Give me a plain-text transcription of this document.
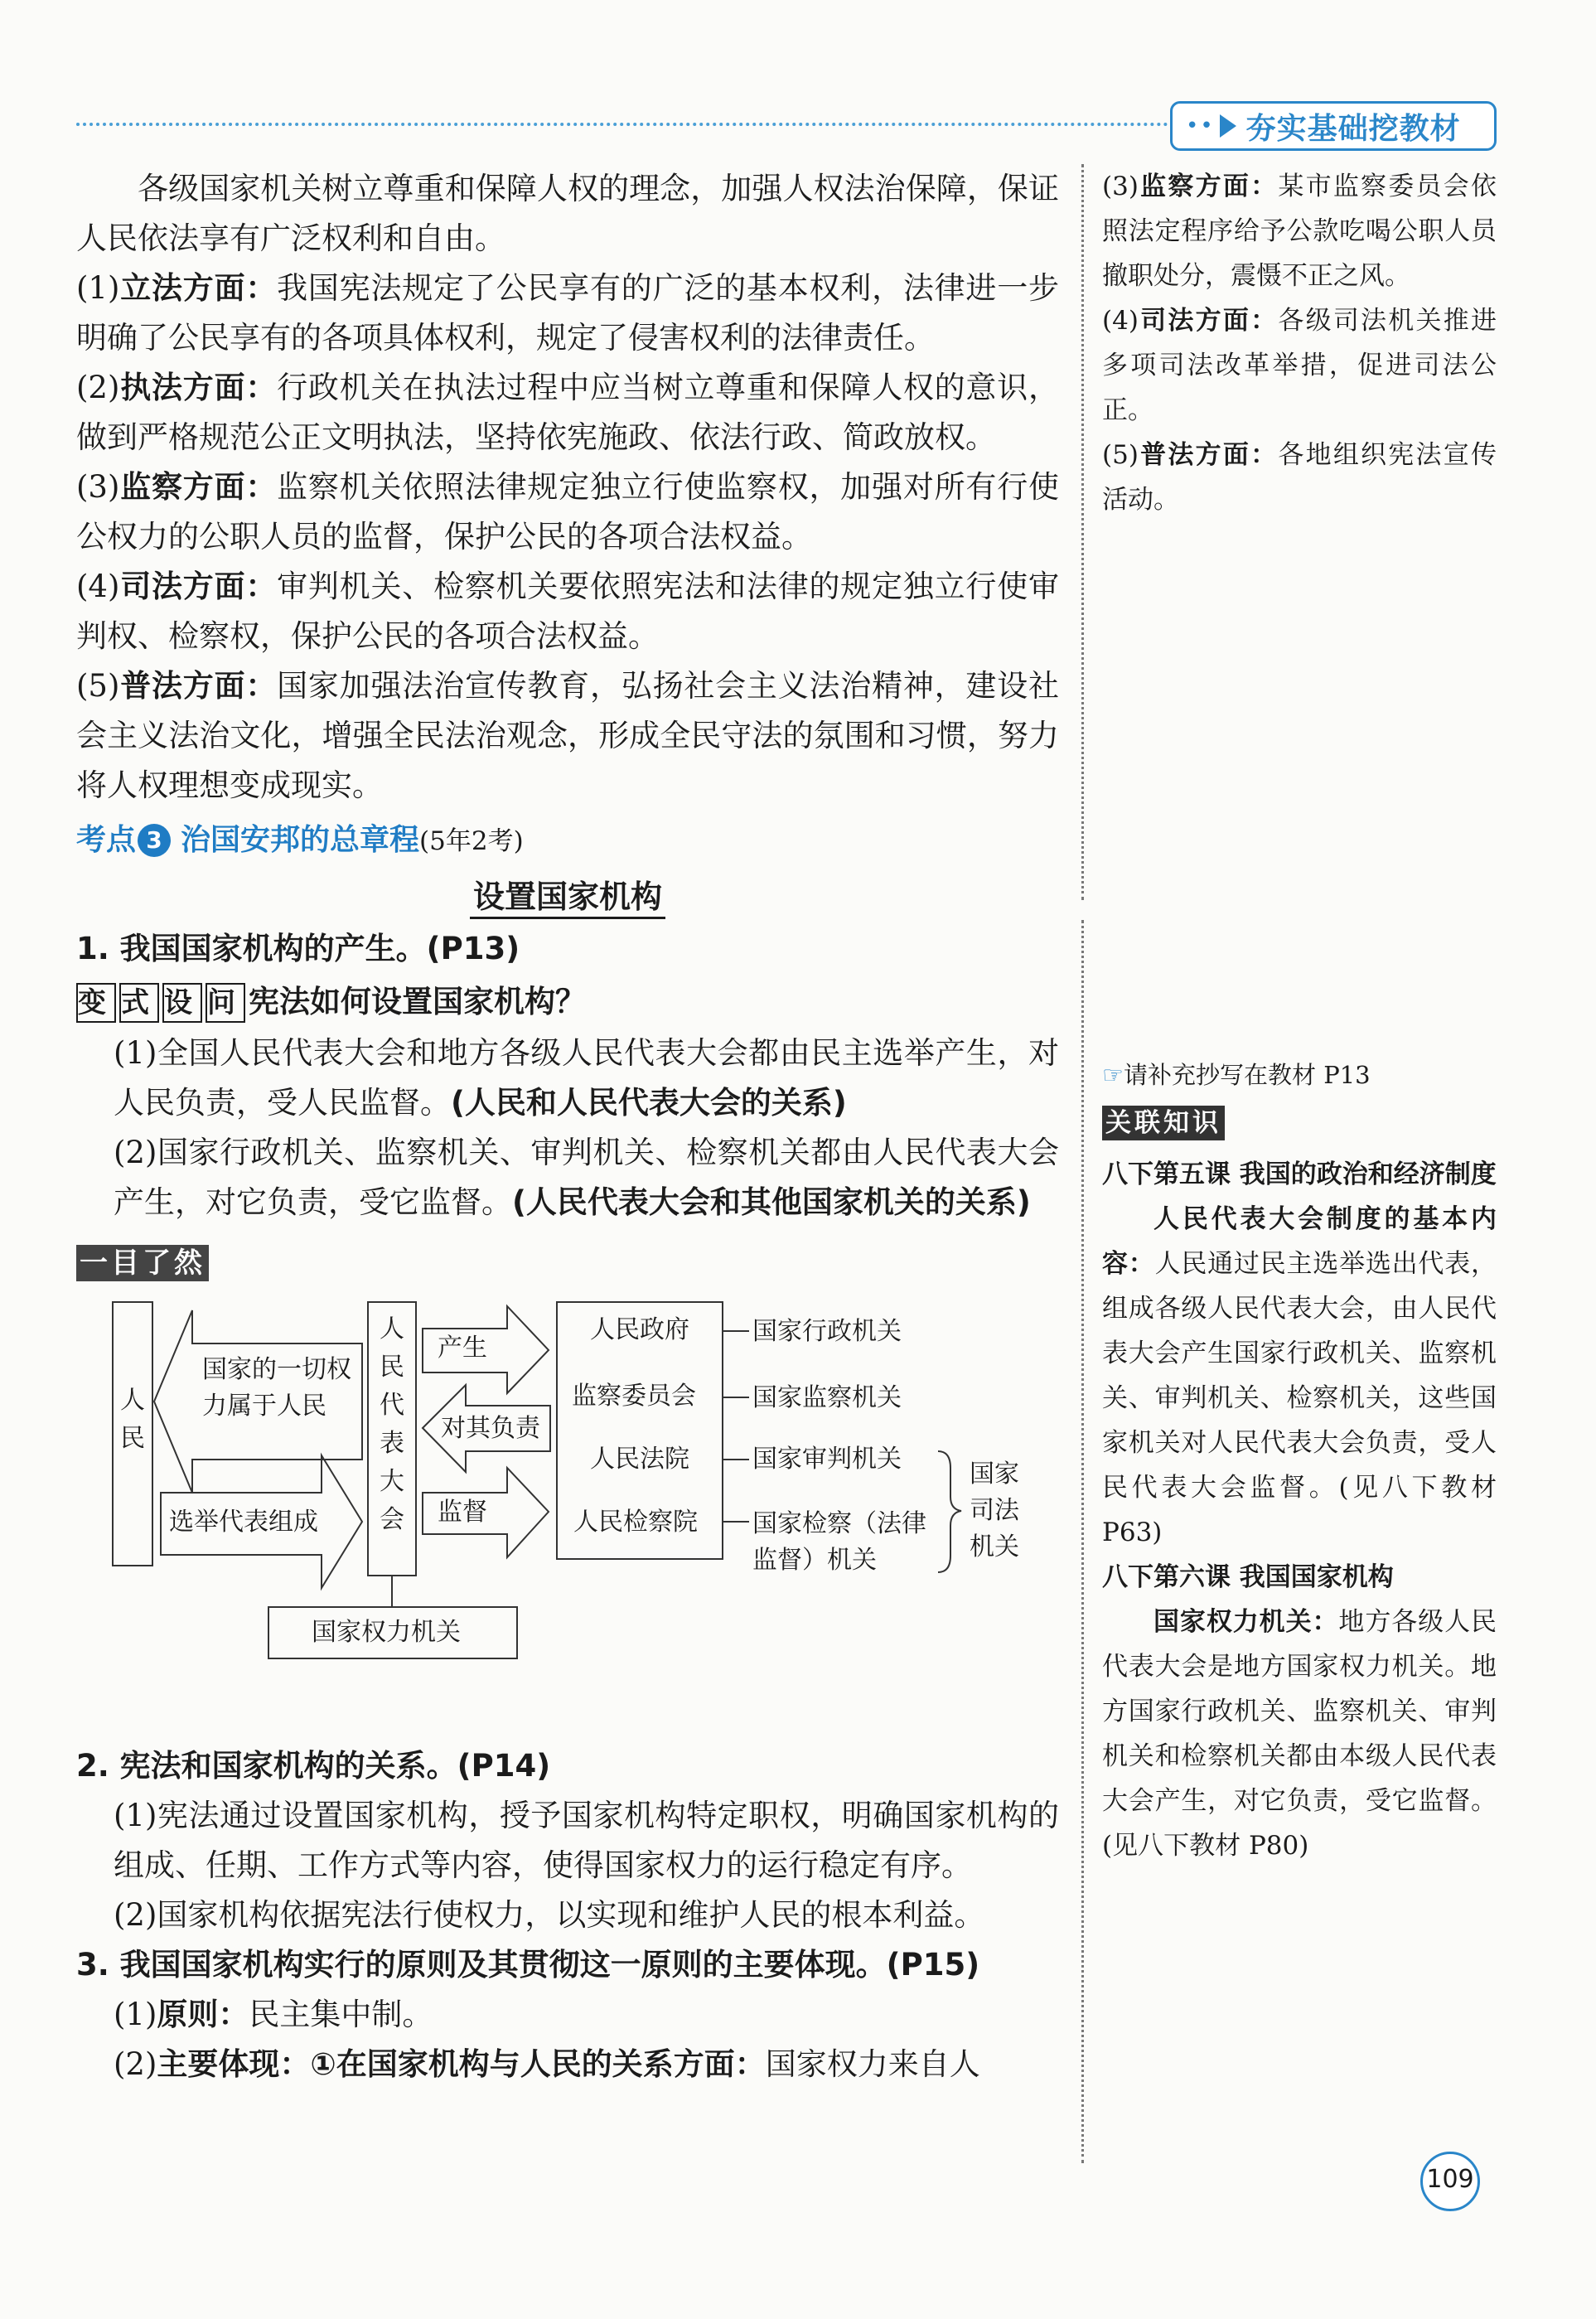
•• 夯实基础挖教材

各级国家机关树立尊重和保障人权的理念，加强人权法治保障，保证人民依法享有广泛权利和自由。

(1)立法方面：我国宪法规定了公民享有的广泛的基本权利，法律进一步明确了公民享有的各项具体权利，规定了侵害权利的法律责任。

(2)执法方面：行政机关在执法过程中应当树立尊重和保障人权的意识，做到严格规范公正文明执法，坚持依宪施政、依法行政、简政放权。

(3)监察方面：监察机关依照法律规定独立行使监察权，加强对所有行使公权力的公职人员的监督，保护公民的各项合法权益。

(4)司法方面：审判机关、检察机关要依照宪法和法律的规定独立行使审判权、检察权，保护公民的各项合法权益。

(5)普法方面：国家加强法治宣传教育，弘扬社会主义法治精神，建设社会主义法治文化，增强全民法治观念，形成全民守法的氛围和习惯，努力将人权理想变成现实。

考点 3 治国安邦的总章程(5年2考)
设置国家机构

1. 我国国家机构的产生。(P13)

变 式 设 问 宪法如何设置国家机构？

(1)全国人民代表大会和地方各级人民代表大会都由民主选举产生，对人民负责，受人民监督。(人民和人民代表大会的关系)

(2)国家行政机关、监察机关、审判机关、检察机关都由人民代表大会产生，对它负责，受它监督。(人民代表大会和其他国家机关的关系)

一目了然
人民
国家的一切权力属于人民
选举代表组成
人民代表大会
产生
对其负责
监督
人民政府
监察委员会
人民法院
人民检察院
国家行政机关
国家监察机关
国家审判机关
国家检察（法律监督）机关
国家司法机关
国家权力机关

2. 宪法和国家机构的关系。(P14)

(1)宪法通过设置国家机构，授予国家机构特定职权，明确国家机构的组成、任期、工作方式等内容，使得国家权力的运行稳定有序。

(2)国家机构依据宪法行使权力，以实现和维护人民的根本利益。

3. 我国国家机构实行的原则及其贯彻这一原则的主要体现。(P15)

(1)原则：民主集中制。

(2)主要体现：①在国家机构与人民的关系方面：国家权力来自人

(3)监察方面：某市监察委员会依照法定程序给予公款吃喝公职人员撤职处分，震慑不正之风。

(4)司法方面：各级司法机关推进多项司法改革举措，促进司法公正。

(5)普法方面：各地组织宪法宣传活动。

☞请补充抄写在教材 P13

关联知识

八下第五课 我国的政治和经济制度

人民代表大会制度的基本内容：人民通过民主选举选出代表，组成各级人民代表大会，由人民代表大会产生国家行政机关、监察机关、审判机关、检察机关，这些国家机关对人民代表大会负责，受人民代表大会监督。(见八下教材 P63)

八下第六课 我国国家机构

国家权力机关：地方各级人民代表大会是地方国家权力机关。地方国家行政机关、监察机关、审判机关和检察机关都由本级人民代表大会产生，对它负责，受它监督。(见八下教材 P80)

109
